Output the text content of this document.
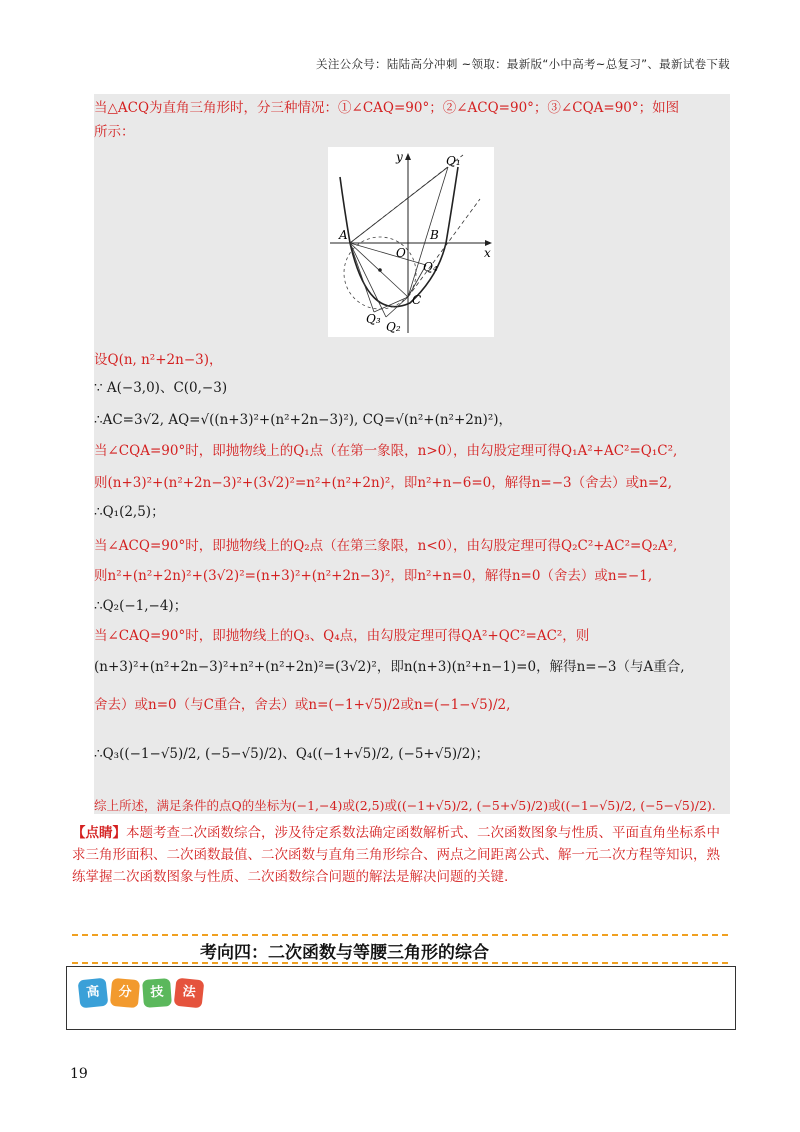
关注公众号：陆陆高分冲刺 ~领取：最新版“小中高考~总复习”、最新试卷下载
当△ACQ为直角三角形时，分三种情况：①∠CAQ=90°；②∠ACQ=90°；③∠CQA=90°；如图
所示：
y
x
Q₁
A
O
B
Q₄
C
Q₃
Q₂
设Q(n, n²+2n−3)，
∵ A(−3,0)、C(0,−3)
∴AC=3√2, AQ=√((n+3)²+(n²+2n−3)²), CQ=√(n²+(n²+2n)²)，
当∠CQA=90°时，即抛物线上的Q₁点（在第一象限，n>0），由勾股定理可得Q₁A²+AC²=Q₁C²,
则(n+3)²+(n²+2n−3)²+(3√2)²=n²+(n²+2n)²，即n²+n−6=0，解得n=−3（舍去）或n=2,
∴Q₁(2,5)；
当∠ACQ=90°时，即抛物线上的Q₂点（在第三象限，n<0），由勾股定理可得Q₂C²+AC²=Q₂A²,
则n²+(n²+2n)²+(3√2)²=(n+3)²+(n²+2n−3)²，即n²+n=0，解得n=0（舍去）或n=−1,
∴Q₂(−1,−4)；
当∠CAQ=90°时，即抛物线上的Q₃、Q₄点，由勾股定理可得QA²+QC²=AC²，则
(n+3)²+(n²+2n−3)²+n²+(n²+2n)²=(3√2)²，即n(n+3)(n²+n−1)=0，解得n=−3（与A重合,
舍去）或n=0（与C重合，舍去）或n=(−1+√5)/2或n=(−1−√5)/2,
∴Q₃((−1−√5)/2, (−5−√5)/2)、Q₄((−1+√5)/2, (−5+√5)/2)；
综上所述，满足条件的点Q的坐标为(−1,−4)或(2,5)或((−1+√5)/2, (−5+√5)/2)或((−1−√5)/2, (−5−√5)/2).
【点睛】本题考查二次函数综合，涉及待定系数法确定函数解析式、二次函数图象与性质、平面直角坐标系中求三角形面积、二次函数最值、二次函数与直角三角形综合、两点之间距离公式、解一元二次方程等知识，熟练掌握二次函数图象与性质、二次函数综合问题的解法是解决问题的关键.
考向四：二次函数与等腰三角形的综合
高	分	技	法
19
